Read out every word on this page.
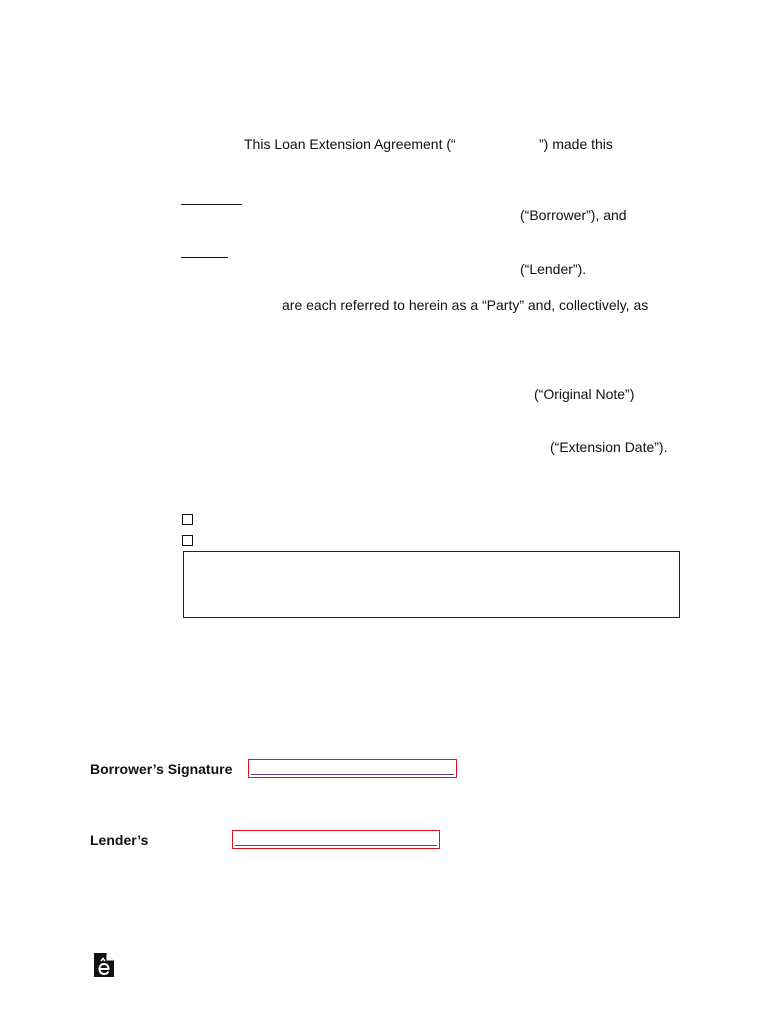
This Loan Extension Agreement (“	”) made this
(“Borrower”), and
(“Lender”).
are each referred to herein as a “Party” and, collectively, as
(“Original Note”)
(“Extension Date”).
Borrower’s Signature
Lender’s
